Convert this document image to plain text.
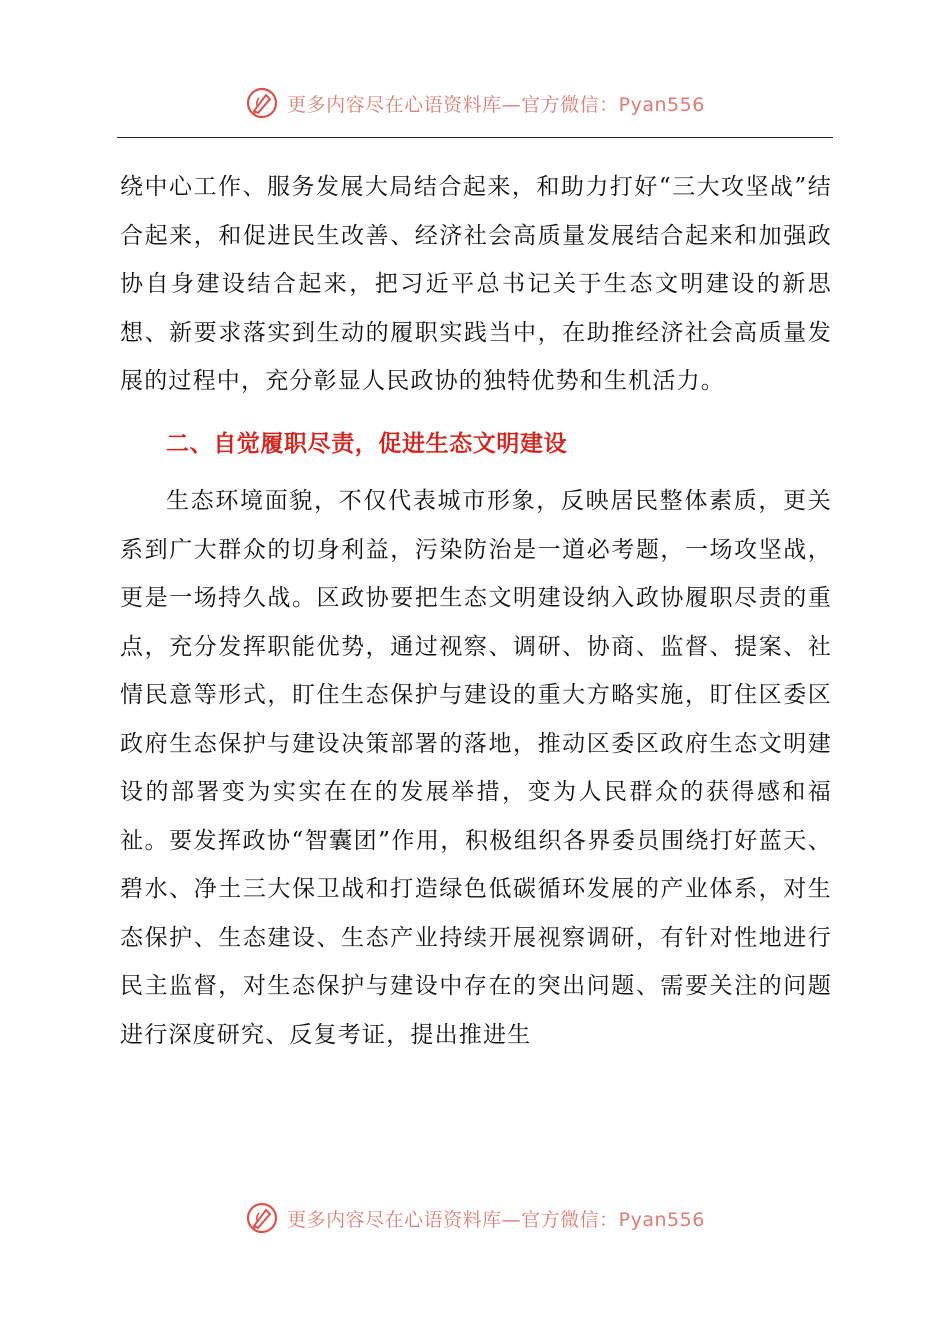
更多内容尽在心语资料库—官方微信：Pyan556

绕中心工作、服务发展大局结合起来，和助力打好“三大攻坚战”结合起来，和促进民生改善、经济社会高质量发展结合起来和加强政协自身建设结合起来，把习近平总书记关于生态文明建设的新思想、新要求落实到生动的履职实践当中，在助推经济社会高质量发展的过程中，充分彰显人民政协的独特优势和生机活力。

二、自觉履职尽责，促进生态文明建设

生态环境面貌，不仅代表城市形象，反映居民整体素质，更关系到广大群众的切身利益，污染防治是一道必考题，一场攻坚战，更是一场持久战。区政协要把生态文明建设纳入政协履职尽责的重点，充分发挥职能优势，通过视察、调研、协商、监督、提案、社情民意等形式，盯住生态保护与建设的重大方略实施，盯住区委区政府生态保护与建设决策部署的落地，推动区委区政府生态文明建设的部署变为实实在在的发展举措，变为人民群众的获得感和福祉。要发挥政协“智囊团”作用，积极组织各界委员围绕打好蓝天、碧水、净土三大保卫战和打造绿色低碳循环发展的产业体系，对生态保护、生态建设、生态产业持续开展视察调研，有针对性地进行民主监督，对生态保护与建设中存在的突出问题、需要关注的问题进行深度研究、反复考证，提出推进生

更多内容尽在心语资料库—官方微信：Pyan556
